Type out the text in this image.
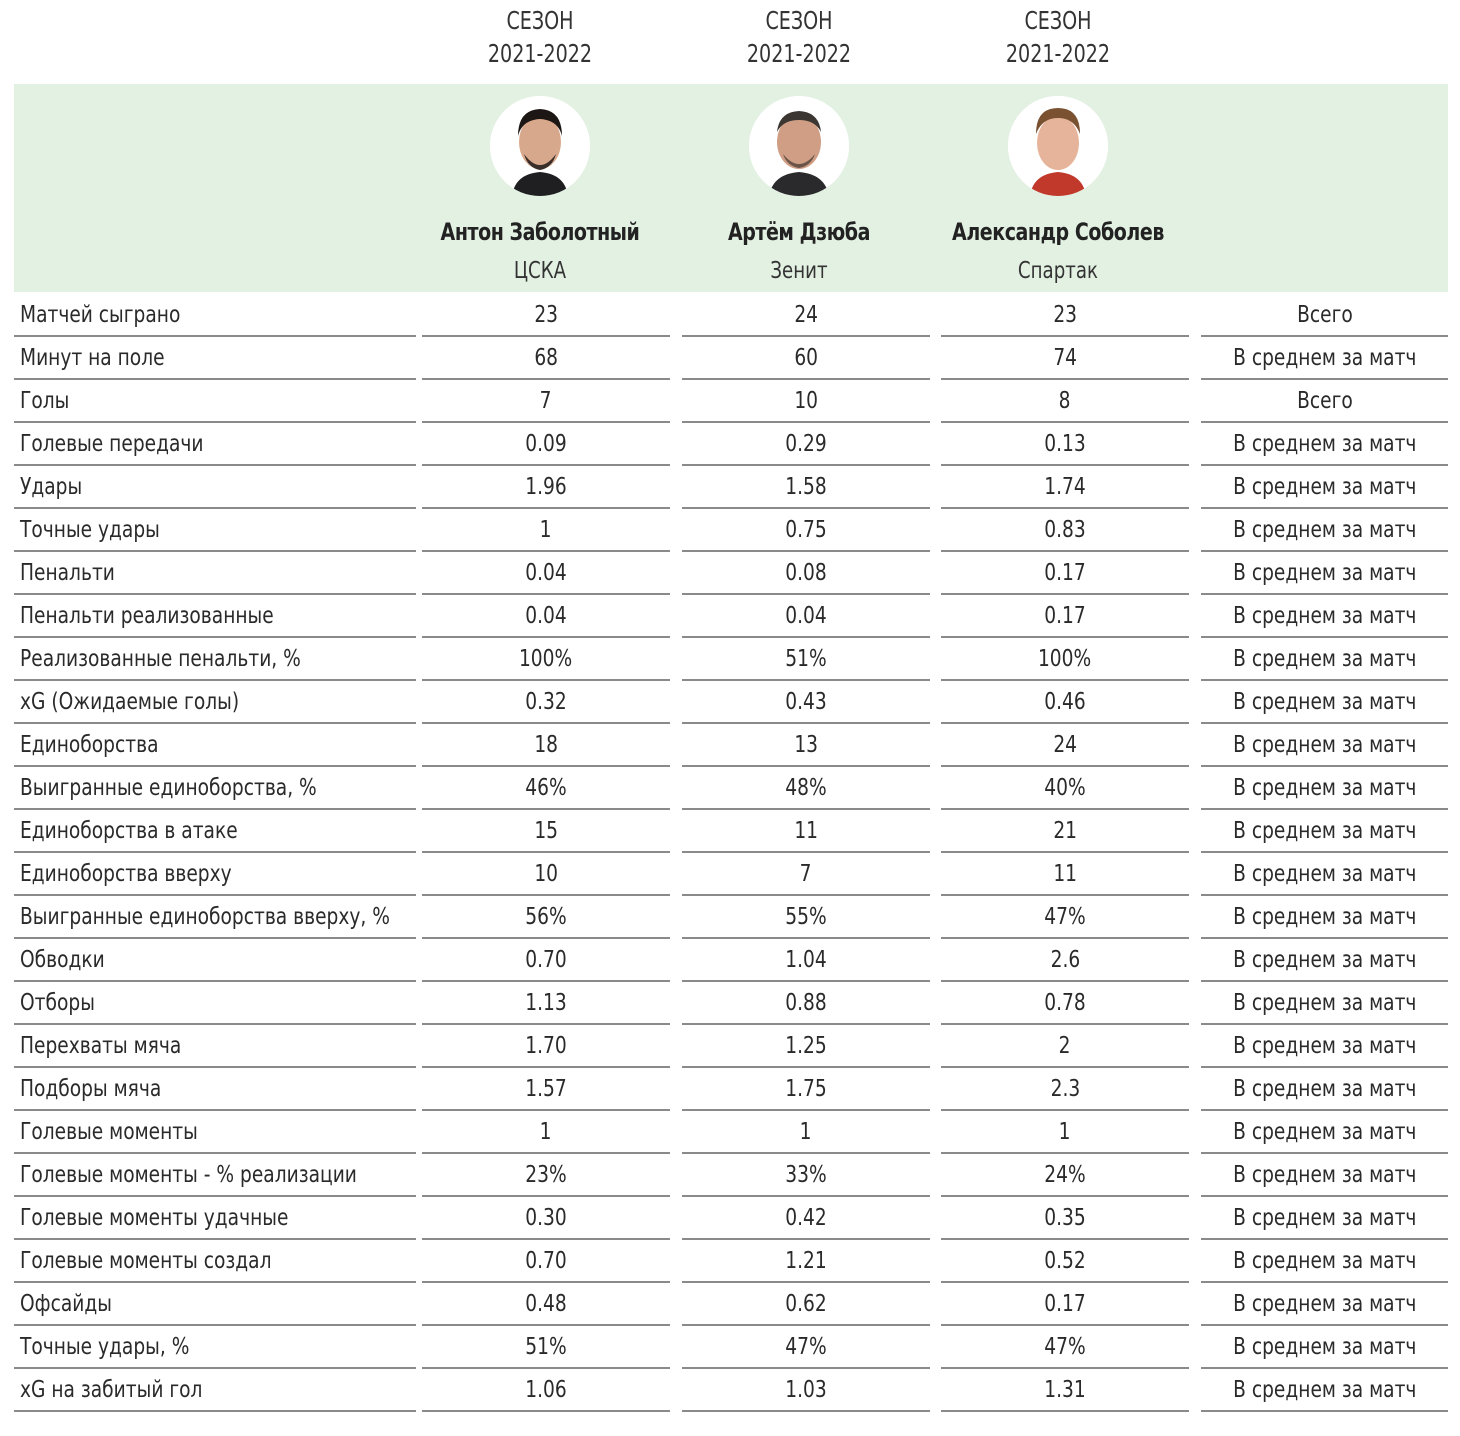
СЕЗОН
2021-2022
СЕЗОН
2021-2022
СЕЗОН
2021-2022
Антон Заболотный
ЦСКА
Артём Дзюба
Зенит
Александр Соболев
Спартак
Матчей сыграно	23	24	23	Всего
Минут на поле	68	60	74	В среднем за матч
Голы	7	10	8	Всего
Голевые передачи	0.09	0.29	0.13	В среднем за матч
Удары	1.96	1.58	1.74	В среднем за матч
Точные удары	1	0.75	0.83	В среднем за матч
Пенальти	0.04	0.08	0.17	В среднем за матч
Пенальти реализованные	0.04	0.04	0.17	В среднем за матч
Реализованные пенальти, %	100%	51%	100%	В среднем за матч
xG (Ожидаемые голы)	0.32	0.43	0.46	В среднем за матч
Единоборства	18	13	24	В среднем за матч
Выигранные единоборства, %	46%	48%	40%	В среднем за матч
Единоборства в атаке	15	11	21	В среднем за матч
Единоборства вверху	10	7	11	В среднем за матч
Выигранные единоборства вверху, %	56%	55%	47%	В среднем за матч
Обводки	0.70	1.04	2.6	В среднем за матч
Отборы	1.13	0.88	0.78	В среднем за матч
Перехваты мяча	1.70	1.25	2	В среднем за матч
Подборы мяча	1.57	1.75	2.3	В среднем за матч
Голевые моменты	1	1	1	В среднем за матч
Голевые моменты - % реализации	23%	33%	24%	В среднем за матч
Голевые моменты удачные	0.30	0.42	0.35	В среднем за матч
Голевые моменты создал	0.70	1.21	0.52	В среднем за матч
Офсайды	0.48	0.62	0.17	В среднем за матч
Точные удары, %	51%	47%	47%	В среднем за матч
xG на забитый гол	1.06	1.03	1.31	В среднем за матч
